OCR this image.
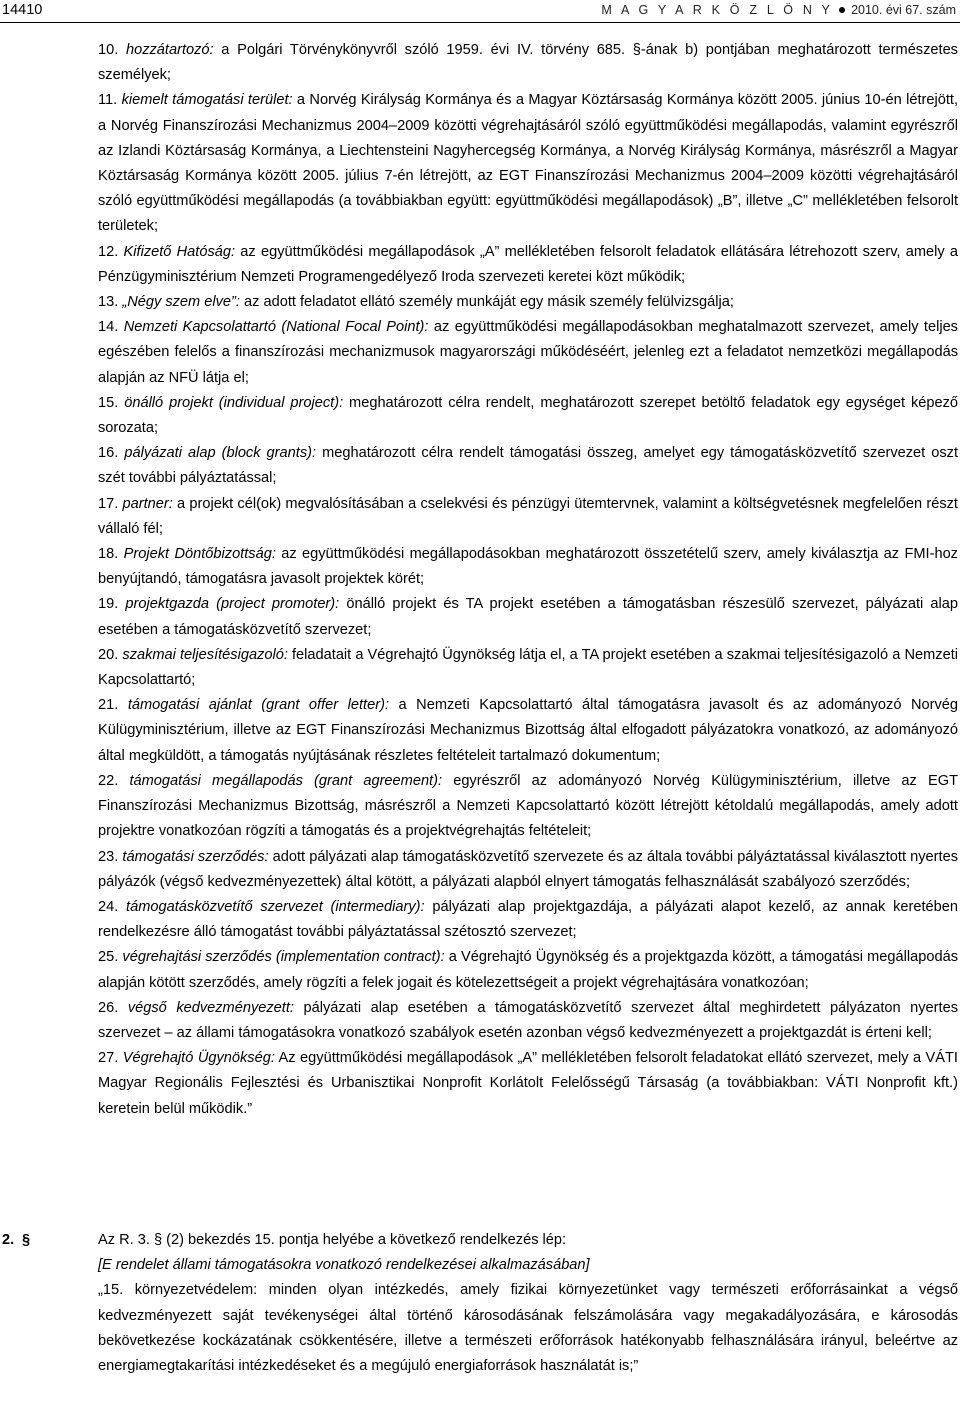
14410	M A G Y A R K Ö Z L Ö N Y 2010. évi 67. szám

10. hozzátartozó: a Polgári Törvénykönyvről szóló 1959. évi IV. törvény 685. §-ának b) pontjában meghatározott természetes személyek;

11. kiemelt támogatási terület: a Norvég Királyság Kormánya és a Magyar Köztársaság Kormánya között 2005. június 10-én létrejött, a Norvég Finanszírozási Mechanizmus 2004–2009 közötti végrehajtásáról szóló együttműködési megállapodás, valamint egyrészről az Izlandi Köztársaság Kormánya, a Liechtensteini Nagyhercegség Kormánya, a Norvég Királyság Kormánya, másrészről a Magyar Köztársaság Kormánya között 2005. július 7-én létrejött, az EGT Finanszírozási Mechanizmus 2004–2009 közötti végrehajtásáról szóló együttműködési megállapodás (a továbbiakban együtt: együttműködési megállapodások) „B”, illetve „C” mellékletében felsorolt területek;

12. Kifizető Hatóság: az együttműködési megállapodások „A” mellékletében felsorolt feladatok ellátására létrehozott szerv, amely a Pénzügyminisztérium Nemzeti Programengedélyező Iroda szervezeti keretei közt működik;

13. „Négy szem elve”: az adott feladatot ellátó személy munkáját egy másik személy felülvizsgálja;

14. Nemzeti Kapcsolattartó (National Focal Point): az együttműködési megállapodásokban meghatalmazott szervezet, amely teljes egészében felelős a finanszírozási mechanizmusok magyarországi működéséért, jelenleg ezt a feladatot nemzetközi megállapodás alapján az NFÜ látja el;

15. önálló projekt (individual project): meghatározott célra rendelt, meghatározott szerepet betöltő feladatok egy egységet képező sorozata;

16. pályázati alap (block grants): meghatározott célra rendelt támogatási összeg, amelyet egy támogatásközvetítő szervezet oszt szét további pályáztatással;

17. partner: a projekt cél(ok) megvalósításában a cselekvési és pénzügyi ütemtervnek, valamint a költségvetésnek megfelelően részt vállaló fél;

18. Projekt Döntőbizottság: az együttműködési megállapodásokban meghatározott összetételű szerv, amely kiválasztja az FMI-hoz benyújtandó, támogatásra javasolt projektek körét;

19. projektgazda (project promoter): önálló projekt és TA projekt esetében a támogatásban részesülő szervezet, pályázati alap esetében a támogatásközvetítő szervezet;

20. szakmai teljesítésigazoló: feladatait a Végrehajtó Ügynökség látja el, a TA projekt esetében a szakmai teljesítésigazoló a Nemzeti Kapcsolattartó;

21. támogatási ajánlat (grant offer letter): a Nemzeti Kapcsolattartó által támogatásra javasolt és az adományozó Norvég Külügyminisztérium, illetve az EGT Finanszírozási Mechanizmus Bizottság által elfogadott pályázatokra vonatkozó, az adományozó által megküldött, a támogatás nyújtásának részletes feltételeit tartalmazó dokumentum;

22. támogatási megállapodás (grant agreement): egyrészről az adományozó Norvég Külügyminisztérium, illetve az EGT Finanszírozási Mechanizmus Bizottság, másrészről a Nemzeti Kapcsolattartó között létrejött kétoldalú megállapodás, amely adott projektre vonatkozóan rögzíti a támogatás és a projektvégrehajtás feltételeit;

23. támogatási szerződés: adott pályázati alap támogatásközvetítő szervezete és az általa további pályáztatással kiválasztott nyertes pályázók (végső kedvezményezettek) által kötött, a pályázati alapból elnyert támogatás felhasználását szabályozó szerződés;

24. támogatásközvetítő szervezet (intermediary): pályázati alap projektgazdája, a pályázati alapot kezelő, az annak keretében rendelkezésre álló támogatást további pályáztatással szétosztó szervezet;

25. végrehajtási szerződés (implementation contract): a Végrehajtó Ügynökség és a projektgazda között, a támogatási megállapodás alapján kötött szerződés, amely rögzíti a felek jogait és kötelezettségeit a projekt végrehajtására vonatkozóan;

26. végső kedvezményezett: pályázati alap esetében a támogatásközvetítő szervezet által meghirdetett pályázaton nyertes szervezet – az állami támogatásokra vonatkozó szabályok esetén azonban végső kedvezményezett a projektgazdát is érteni kell;

27. Végrehajtó Ügynökség: Az együttműködési megállapodások „A” mellékletében felsorolt feladatokat ellátó szervezet, mely a VÁTI Magyar Regionális Fejlesztési és Urbanisztikai Nonprofit Korlátolt Felelősségű Társaság (a továbbiakban: VÁTI Nonprofit kft.) keretein belül működik.”

2. §	Az R. 3. § (2) bekezdés 15. pontja helyébe a következő rendelkezés lép:

[E rendelet állami támogatásokra vonatkozó rendelkezései alkalmazásában]

„15. környezetvédelem: minden olyan intézkedés, amely fizikai környezetünket vagy természeti erőforrásainkat a végső kedvezményezett saját tevékenységei által történő károsodásának felszámolására vagy megakadályozására, e károsodás bekövetkezése kockázatának csökkentésére, illetve a természeti erőforrások hatékonyabb felhasználására irányul, beleértve az energiamegtakarítási intézkedéseket és a megújuló energiaforrások használatát is;”
